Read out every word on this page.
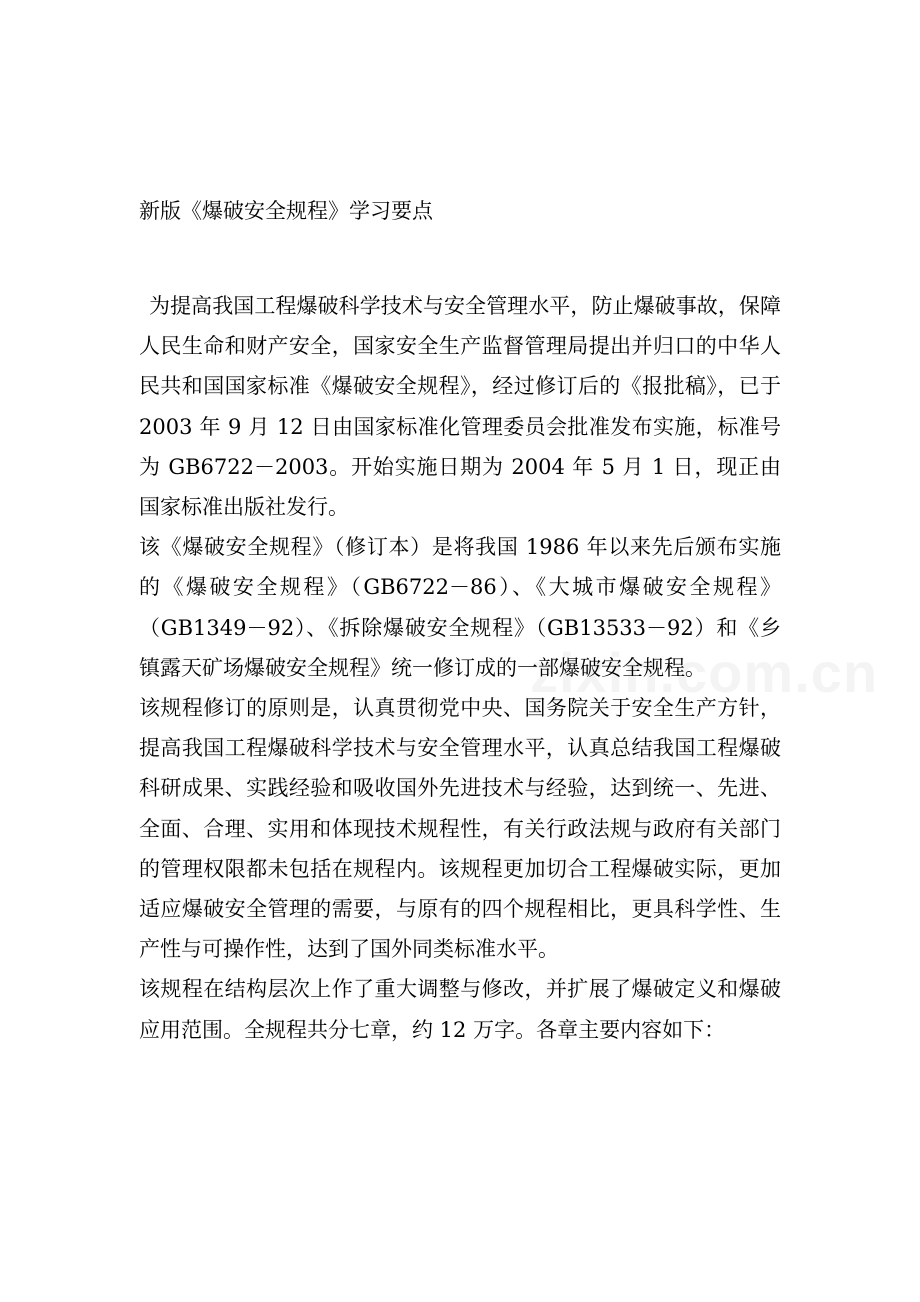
新版《爆破安全规程》学习要点

为提高我国工程爆破科学技术与安全管理水平，防止爆破事故，保障人民生命和财产安全，国家安全生产监督管理局提出并归口的中华人民共和国国家标准《爆破安全规程》，经过修订后的《报批稿》，已于 2003 年 9 月 12 日由国家标准化管理委员会批准发布实施，标准号为 GB6722－2003。开始实施日期为 2004 年 5 月 1 日，现正由国家标准出版社发行。

该《爆破安全规程》（修订本）是将我国 1986 年以来先后颁布实施的《爆破安全规程》（GB6722－86）、《大城市爆破安全规程》（GB1349－92）、《拆除爆破安全规程》（GB13533－92）和《乡镇露天矿场爆破安全规程》统一修订成的一部爆破安全规程。

该规程修订的原则是，认真贯彻党中央、国务院关于安全生产方针，提高我国工程爆破科学技术与安全管理水平，认真总结我国工程爆破科研成果、实践经验和吸收国外先进技术与经验，达到统一、先进、全面、合理、实用和体现技术规程性，有关行政法规与政府有关部门的管理权限都未包括在规程内。该规程更加切合工程爆破实际，更加适应爆破安全管理的需要，与原有的四个规程相比，更具科学性、生产性与可操作性，达到了国外同类标准水平。

该规程在结构层次上作了重大调整与修改，并扩展了爆破定义和爆破应用范围。全规程共分七章，约 12 万字。各章主要内容如下：
